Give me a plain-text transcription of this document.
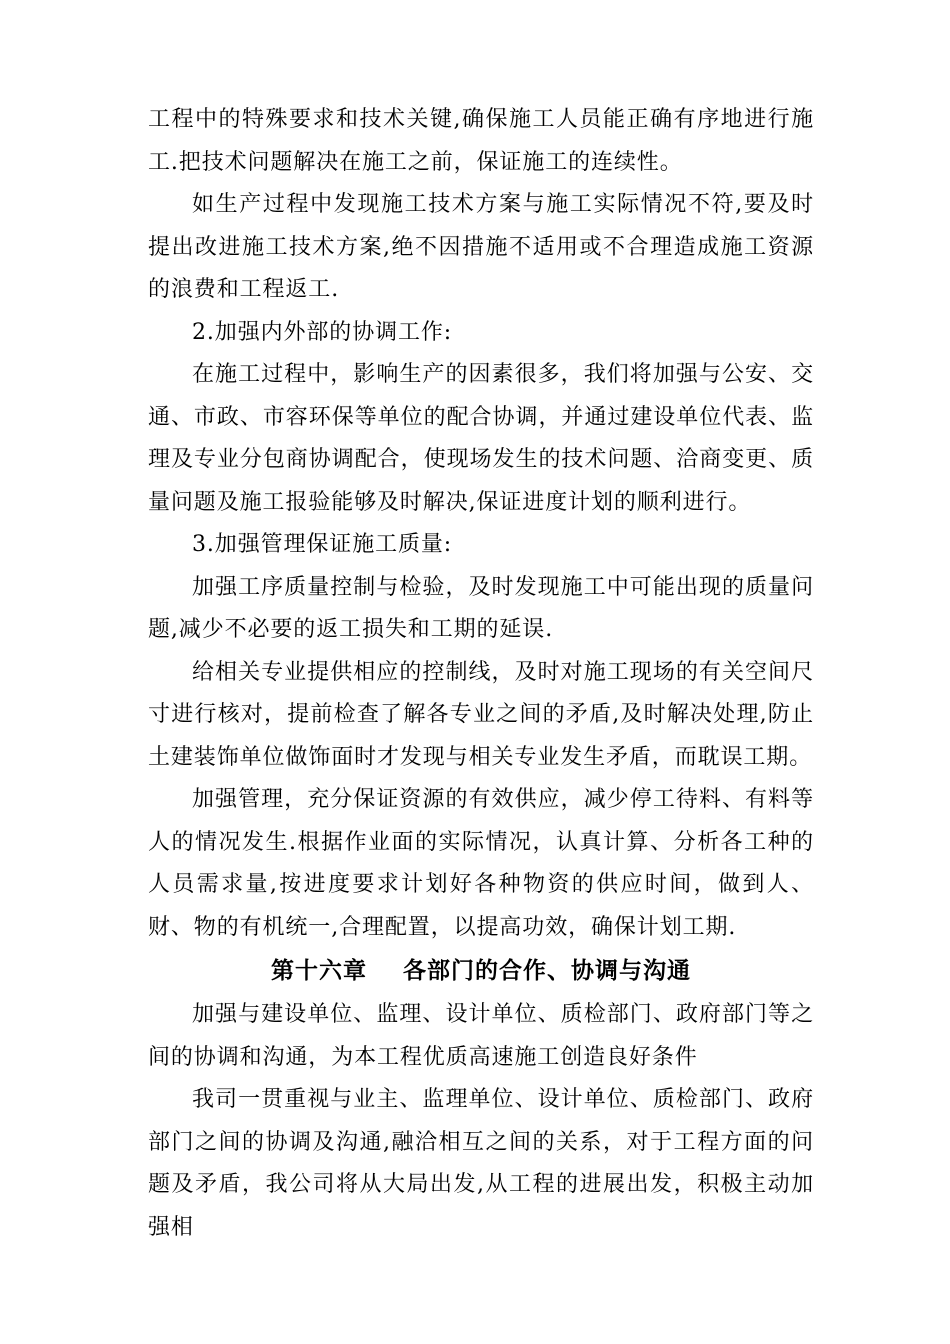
工程中的特殊要求和技术关键,确保施工人员能正确有序地进行施工.把技术问题解决在施工之前，保证施工的连续性。

如生产过程中发现施工技术方案与施工实际情况不符,要及时提出改进施工技术方案,绝不因措施不适用或不合理造成施工资源的浪费和工程返工.

2.加强内外部的协调工作:

在施工过程中，影响生产的因素很多，我们将加强与公安、交通、市政、市容环保等单位的配合协调，并通过建设单位代表、监理及专业分包商协调配合，使现场发生的技术问题、洽商变更、质量问题及施工报验能够及时解决,保证进度计划的顺利进行。

3.加强管理保证施工质量:

加强工序质量控制与检验，及时发现施工中可能出现的质量问题,减少不必要的返工损失和工期的延误.

给相关专业提供相应的控制线，及时对施工现场的有关空间尺寸进行核对，提前检查了解各专业之间的矛盾,及时解决处理,防止土建装饰单位做饰面时才发现与相关专业发生矛盾，而耽误工期。

加强管理，充分保证资源的有效供应，减少停工待料、有料等人的情况发生.根据作业面的实际情况，认真计算、分析各工种的人员需求量,按进度要求计划好各种物资的供应时间，做到人、财、物的有机统一,合理配置，以提高功效，确保计划工期.

第十六章    各部门的合作、协调与沟通

加强与建设单位、监理、设计单位、质检部门、政府部门等之间的协调和沟通，为本工程优质高速施工创造良好条件

我司一贯重视与业主、监理单位、设计单位、质检部门、政府部门之间的协调及沟通,融洽相互之间的关系，对于工程方面的问题及矛盾，我公司将从大局出发,从工程的进展出发，积极主动加强相
